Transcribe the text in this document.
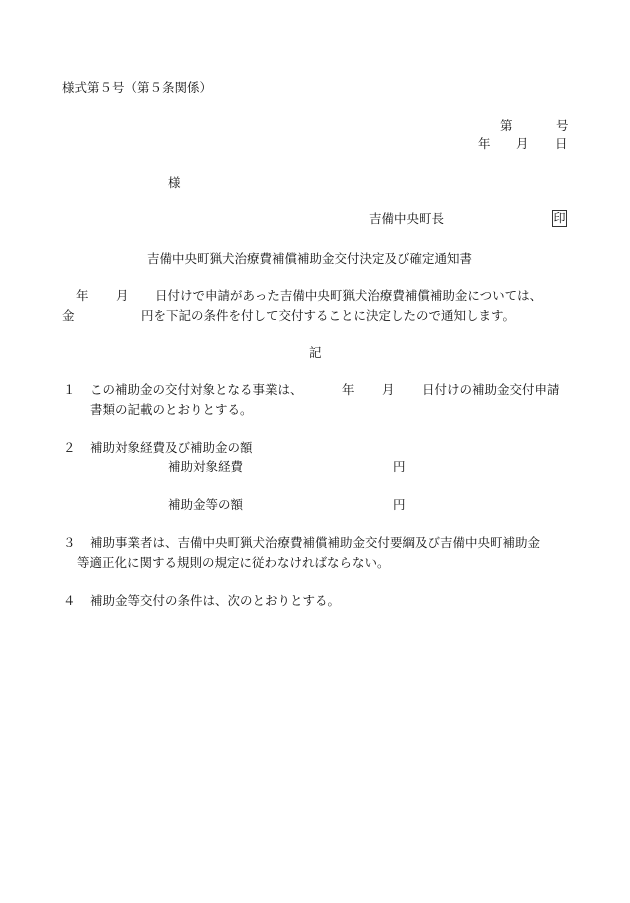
様式第５号（第５条関係）
第	号
年 月 日
様
吉備中央町長	印
吉備中央町猟犬治療費補償補助金交付決定及び確定通知書
年 月 日付けで申請があった吉備中央町猟犬治療費補償補助金については、
金	円を下記の条件を付して交付することに決定したので通知します。
記
１ この補助金の交付対象となる事業は、	年 月 日付けの補助金交付申請
書類の記載のとおりとする。
２ 補助対象経費及び補助金の額
補助対象経費	円
補助金等の額	円
３ 補助事業者は、吉備中央町猟犬治療費補償補助金交付要綱及び吉備中央町補助金
等適正化に関する規則の規定に従わなければならない。
４ 補助金等交付の条件は、次のとおりとする。
